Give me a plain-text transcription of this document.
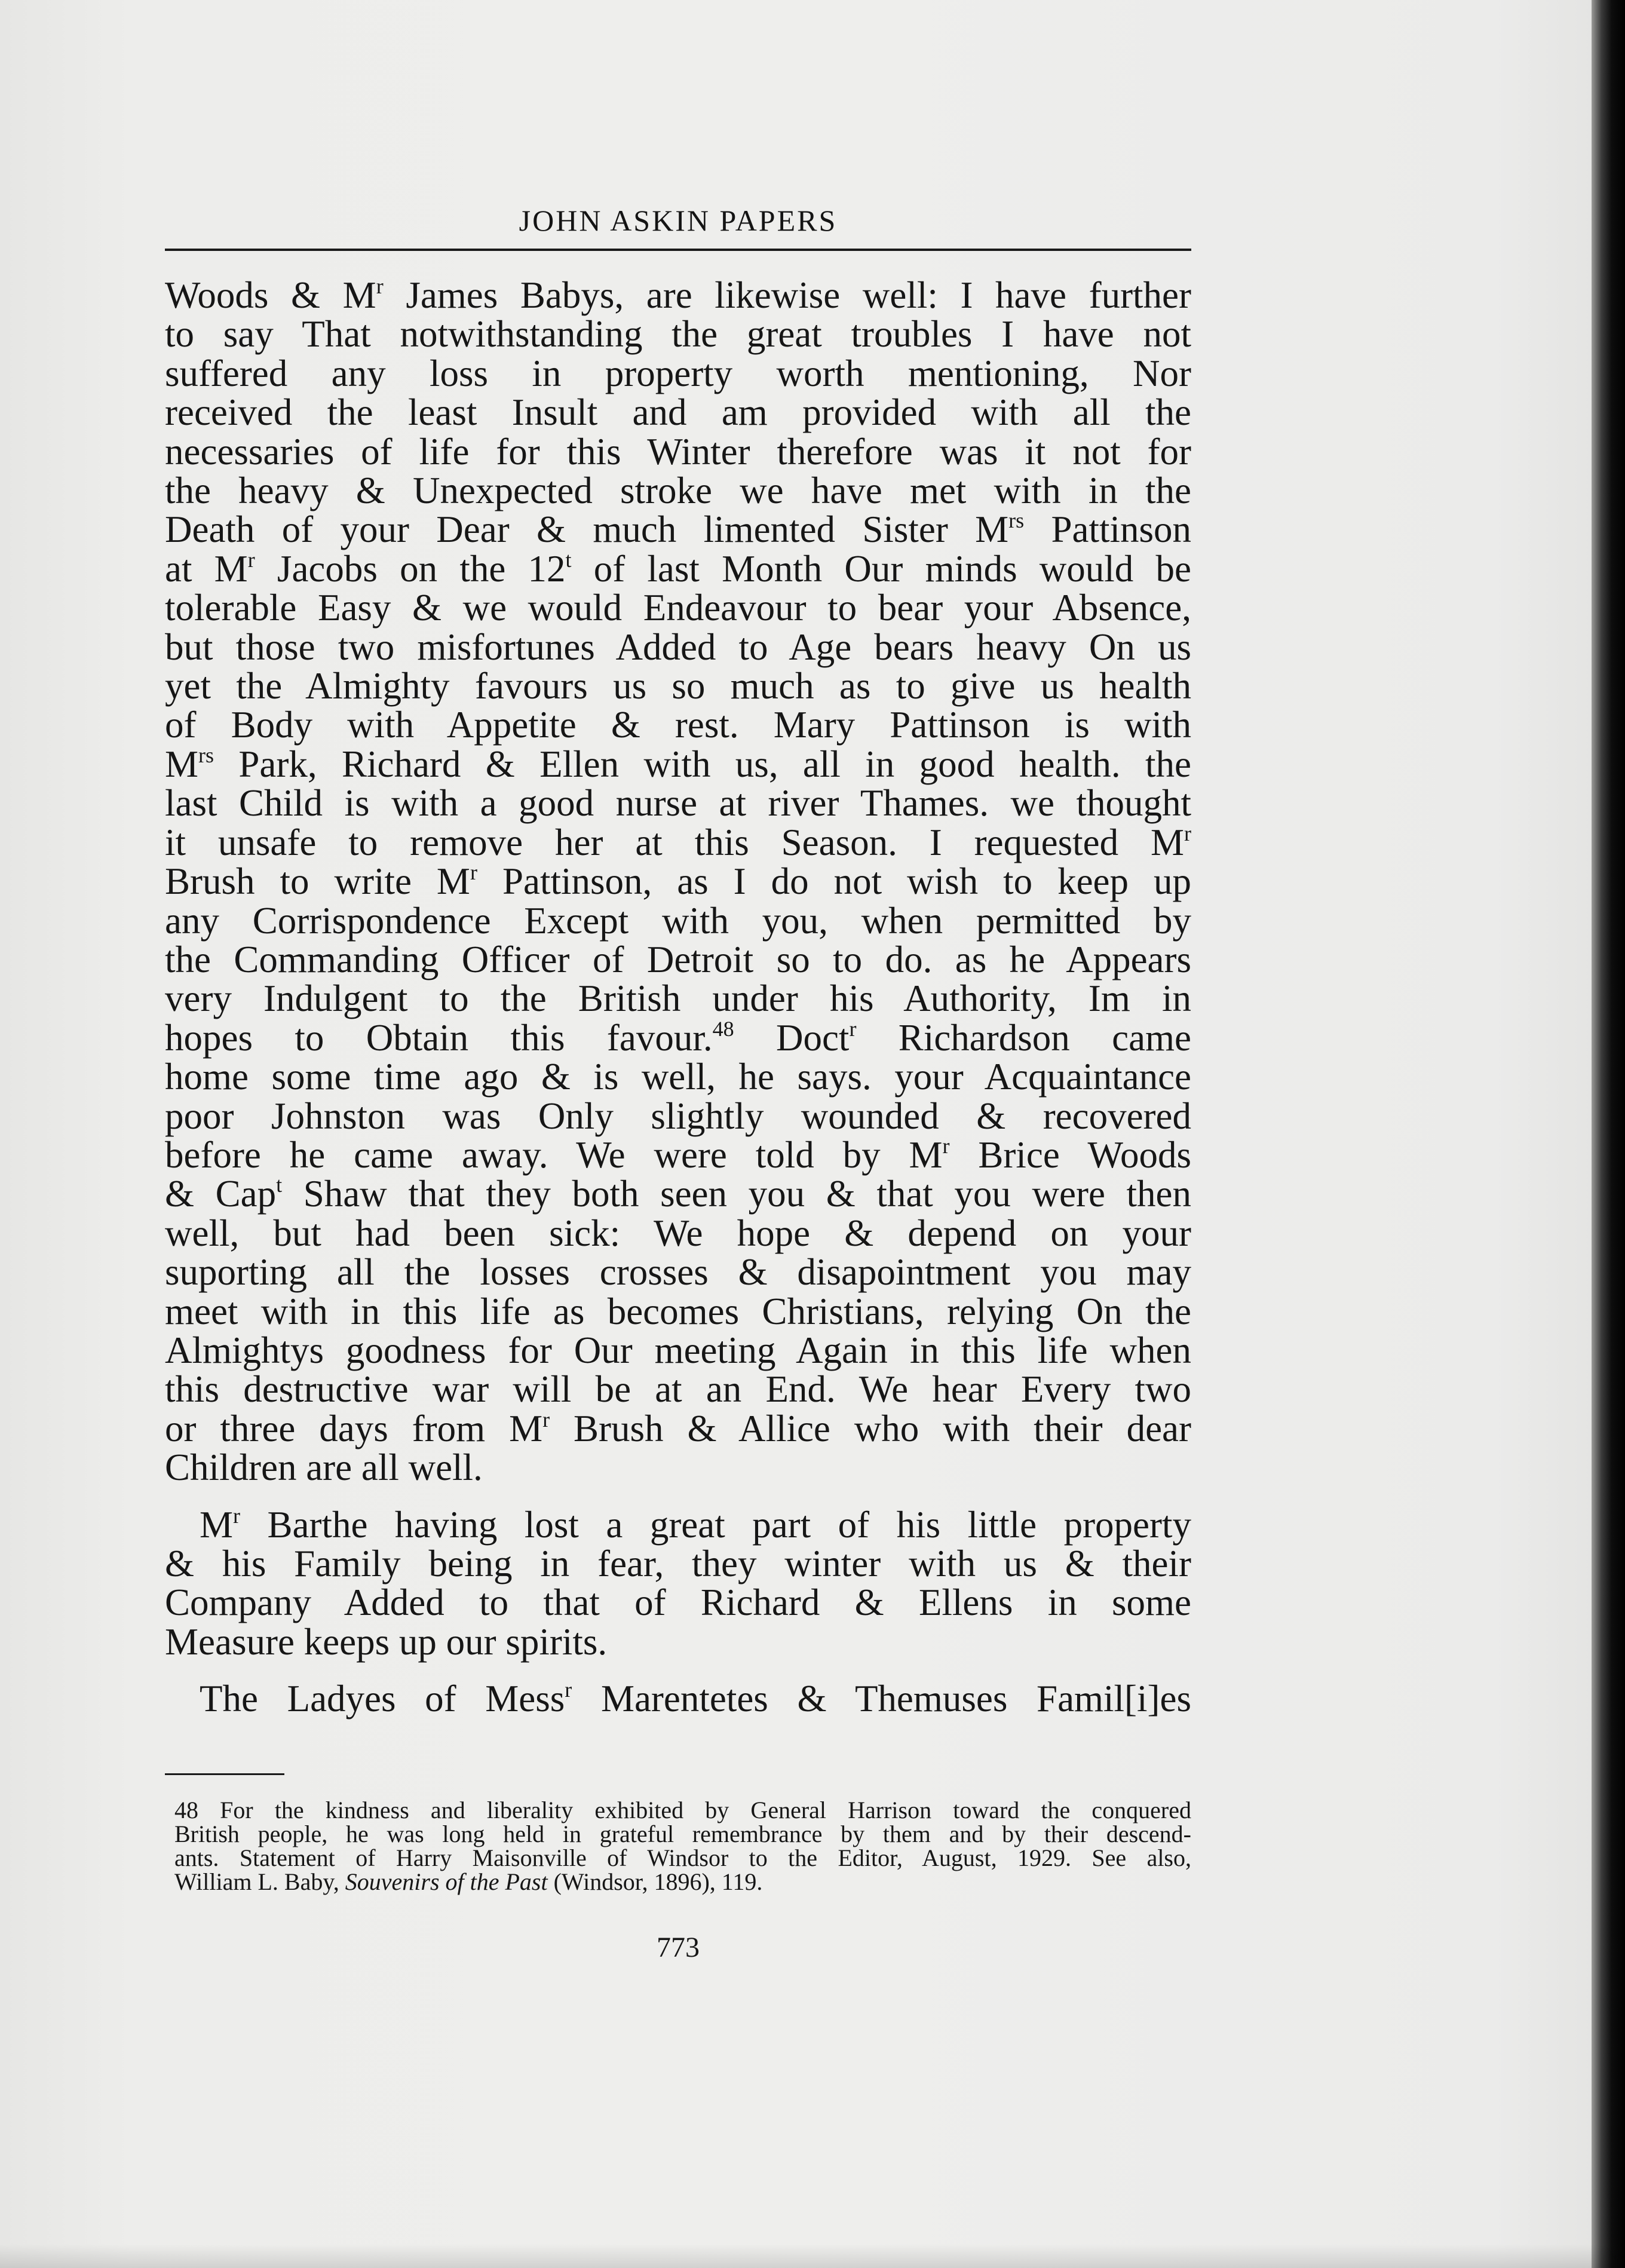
JOHN ASKIN PAPERS

Woods & $M^r$ James Babys, are likewise well: I have further

to say That notwithstanding the great troubles I have not

suffered any loss in property worth mentioning, Nor

received the least Insult and am provided with all the

necessaries of life for this Winter therefore was it not for

the heavy & Unexpected stroke we have met with in the

Death of your Dear & much limented Sister $M^{rs}$ Pattinson

at $M^r$ Jacobs on the 12$^t$ of last Month Our minds would be

tolerable Easy & we would Endeavour to bear your Absence,

but those two misfortunes Added to Age bears heavy On us

yet the Almighty favours us so much as to give us health

of Body with Appetite & rest. Mary Pattinson is with

$M^{rs}$ Park, Richard & Ellen with us, all in good health. the

last Child is with a good nurse at river Thames. we thought

it unsafe to remove her at this Season. I requested $M^r$

Brush to write $M^r$ Pattinson, as I do not wish to keep up

any Corrispondence Except with you, when permitted by

the Commanding Officer of Detroit so to do. as he Appears

very Indulgent to the British under his Authority, Im in

hopes to Obtain this favour.$^{48}$ Doct$^r$ Richardson came

home some time ago & is well, he says. your Acquaintance

poor Johnston was Only slightly wounded & recovered

before he came away. We were told by $M^r$ Brice Woods

& Cap$^t$ Shaw that they both seen you & that you were then

well, but had been sick: We hope & depend on your

suporting all the losses crosses & disapointment you may

meet with in this life as becomes Christians, relying On the

Almightys goodness for Our meeting Again in this life when

this destructive war will be at an End. We hear Every two

or three days from $M^r$ Brush & Allice who with their dear

Children are all well.

$M^r$ Barthe having lost a great part of his little property

& his Family being in fear, they winter with us & their

Company Added to that of Richard & Ellens in some

Measure keeps up our spirits.

The Ladyes of Mess$^r$ Marentetes & Themuses Famil[i]es

48 For the kindness and liberality exhibited by General Harrison toward the conquered

British people, he was long held in grateful remembrance by them and by their descend-

ants. Statement of Harry Maisonville of Windsor to the Editor, August, 1929. See also,

William L. Baby, Souvenirs of the Past (Windsor, 1896), 119.

773
